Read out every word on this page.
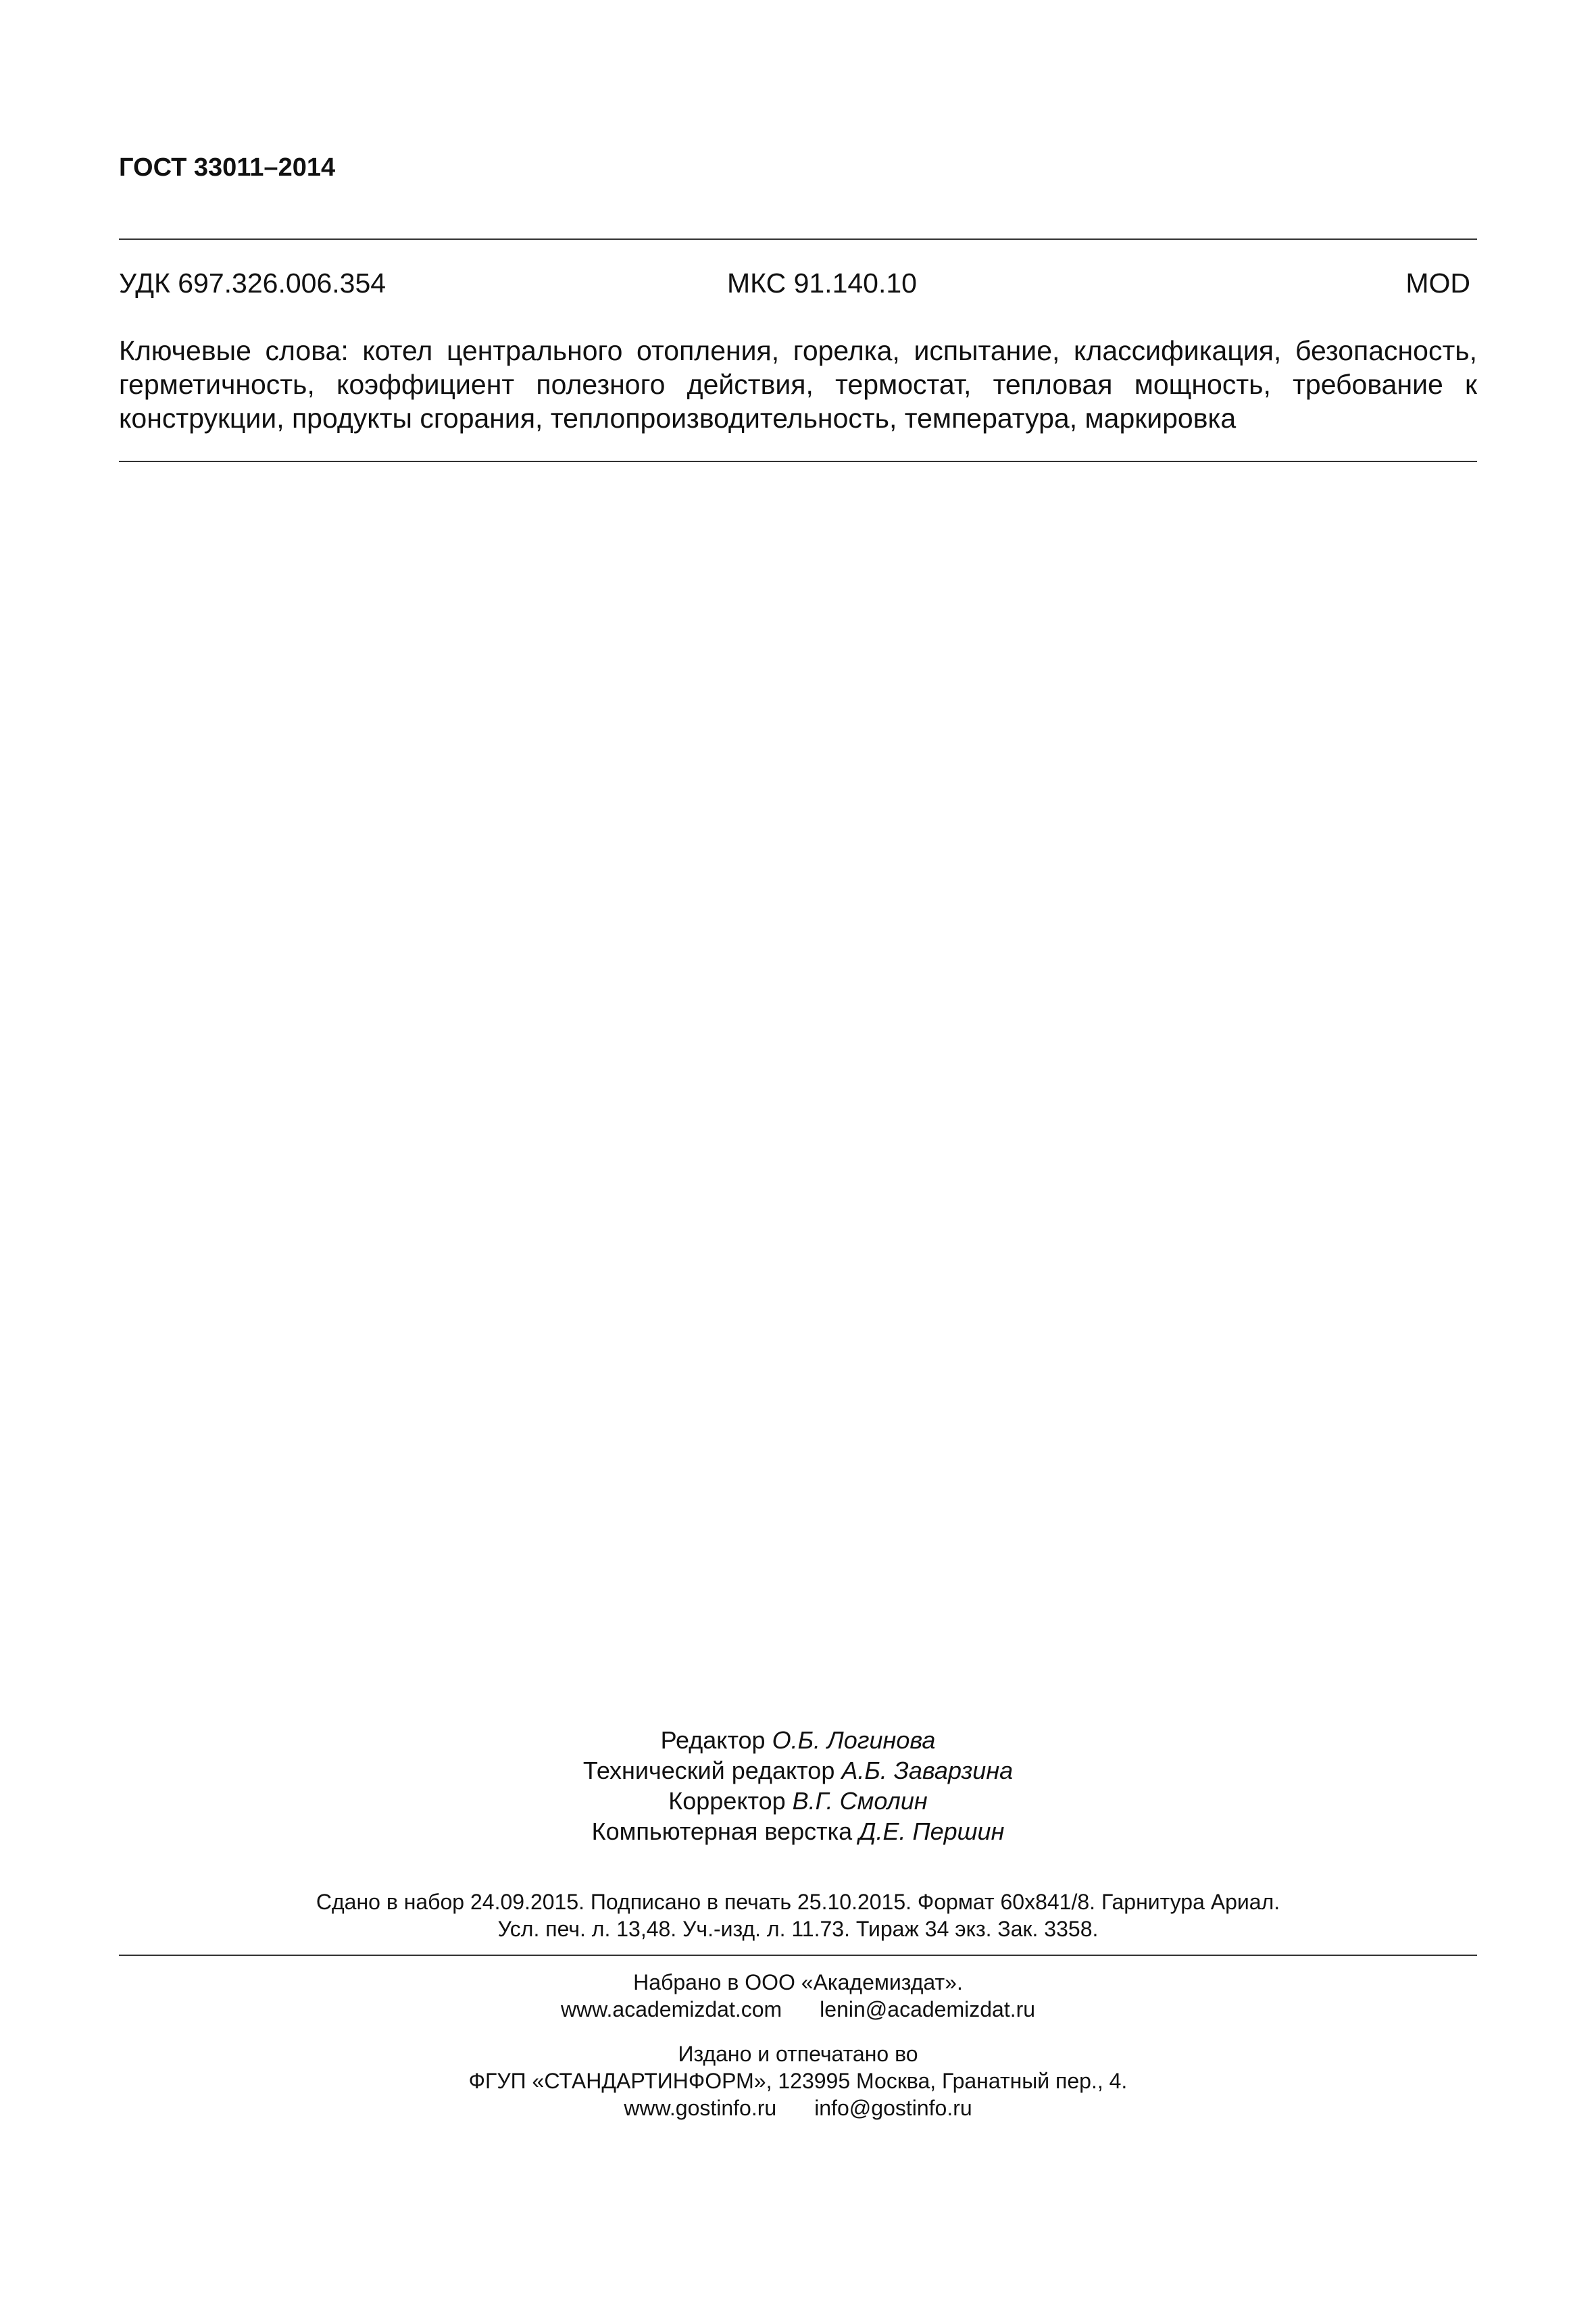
ГОСТ 33011–2014
УДК 697.326.006.354	МКС 91.140.10	MOD
Ключевые слова: котел центрального отопления, горелка, испытание, классификация, безопасность, герметичность, коэффициент полезного действия, термостат, тепловая мощность, требование к конструкции, продукты сгорания, теплопроизводительность, температура, маркировка
Редактор О.Б. Логинова
Технический редактор А.Б. Заварзина
Корректор В.Г. Смолин
Компьютерная верстка Д.Е. Першин
Сдано в набор 24.09.2015. Подписано в печать 25.10.2015. Формат 60х841/8. Гарнитура Ариал.
Усл. печ. л. 13,48. Уч.-изд. л. 11.73. Тираж 34 экз. Зак. 3358.
Набрано в ООО «Академиздат».
www.academizdat.com lenin@academizdat.ru
Издано и отпечатано во
ФГУП «СТАНДАРТИНФОРМ», 123995 Москва, Гранатный пер., 4.
www.gostinfo.ru info@gostinfo.ru
